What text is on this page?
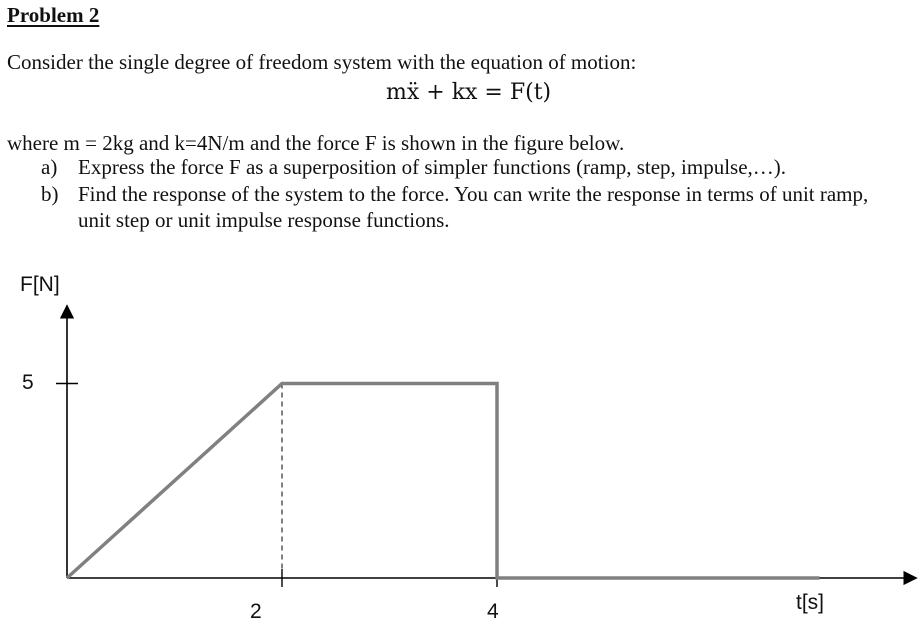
Problem 2
Consider the single degree of freedom system with the equation of motion:
mẍ + kx = F(t)
where m = 2kg and k=4N/m and the force F is shown in the figure below.
a) Express the force F as a superposition of simpler functions (ramp, step, impulse,…).
b) Find the response of the system to the force. You can write the response in terms of unit ramp,
unit step or unit impulse response functions.
F[N]
5
2	4	t[s]
